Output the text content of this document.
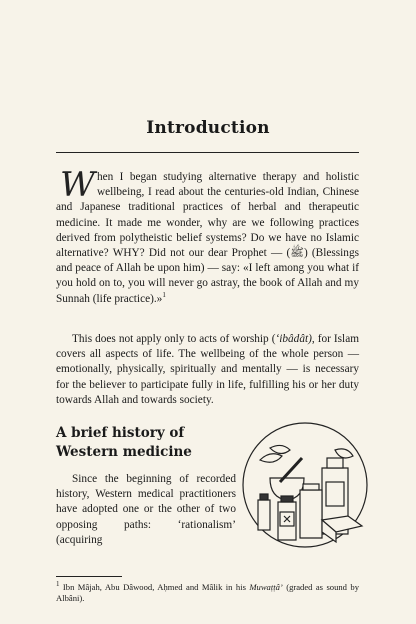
Introduction
When I began studying alternative therapy and holistic wellbeing, I read about the centuries-old Indian, Chinese and Japanese traditional practices of herbal and therapeutic medicine. It made me wonder, why are we following practices derived from polytheistic belief systems? Do we have no Islamic alternative? WHY? Did not our dear Prophet — (ﷺ) (Blessings and peace of Allah be upon him) — say: «I left among you what if you hold on to, you will never go astray, the book of Allah and my Sunnah (life practice).»$^1$
This does not apply only to acts of worship (‘ibâdât), for Islam covers all aspects of life. The wellbeing of the whole person — emotionally, physically, spiritually and mentally — is necessary for the believer to participate fully in life, fulfilling his or her duty towards Allah and towards society.
A brief history of Western medicine
Since the beginning of recorded history, Western medical practitioners have adopted one or the other of two opposing paths: ‘rationalism’ (acquiring
$^1$ Ibn Mâjah, Abu Dâwood, Aḥmed and Mâlik in his Muwaṭṭâ’ (graded as sound by Albâni).
